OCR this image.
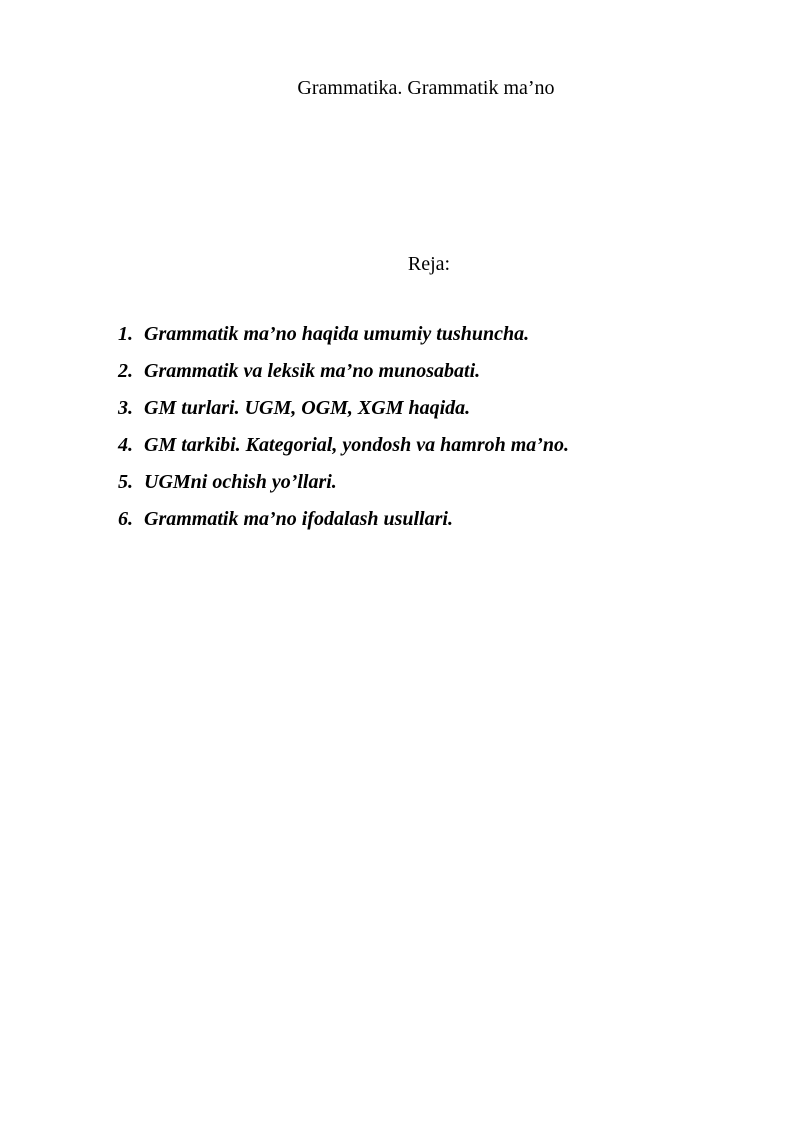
Grammatika. Grammatik ma’no
Reja:
1. Grammatik ma’no haqida umumiy tushuncha.
2. Grammatik va leksik ma’no munosabati.
3. GM turlari. UGM, OGM, XGM haqida.
4. GM tarkibi. Kategorial, yondosh va hamroh ma’no.
5. UGMni ochish yo’llari.
6. Grammatik ma’no ifodalash usullari.
